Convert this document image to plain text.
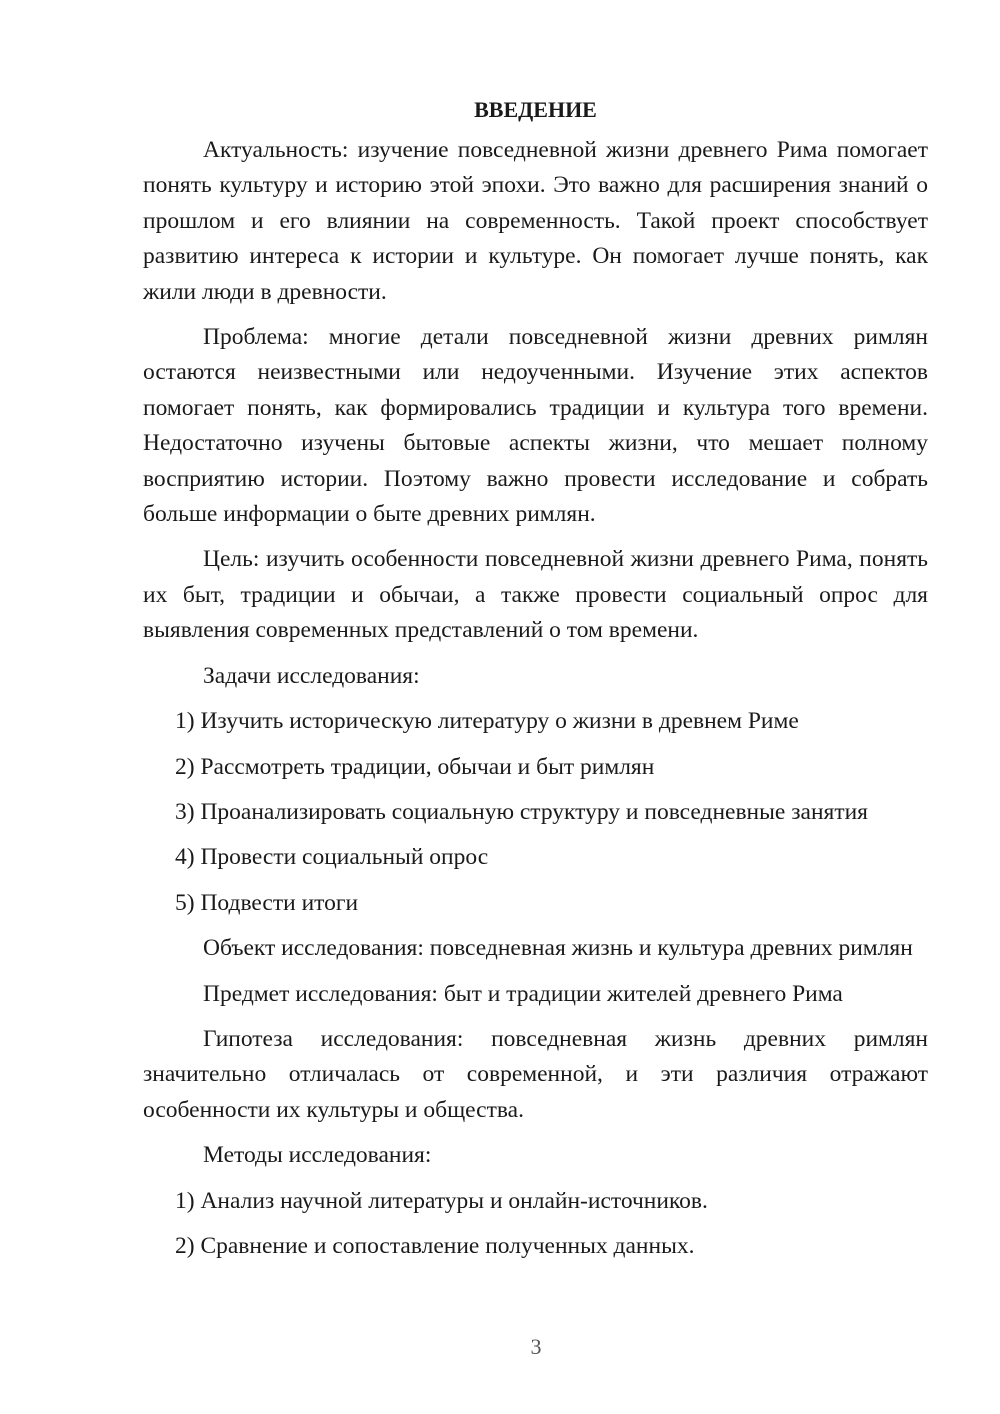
ВВЕДЕНИЕ
Актуальность: изучение повседневной жизни древнего Рима помогает понять культуру и историю этой эпохи. Это важно для расширения знаний о прошлом и его влиянии на современность. Такой проект способствует развитию интереса к истории и культуре. Он помогает лучше понять, как жили люди в древности.
Проблема: многие детали повседневной жизни древних римлян остаются неизвестными или недоученными. Изучение этих аспектов помогает понять, как формировались традиции и культура того времени. Недостаточно изучены бытовые аспекты жизни, что мешает полному восприятию истории. Поэтому важно провести исследование и собрать больше информации о быте древних римлян.
Цель: изучить особенности повседневной жизни древнего Рима, понять их быт, традиции и обычаи, а также провести социальный опрос для выявления современных представлений о том времени.
Задачи исследования:
1) Изучить историческую литературу о жизни в древнем Риме
2) Рассмотреть традиции, обычаи и быт римлян
3) Проанализировать социальную структуру и повседневные занятия
4) Провести социальный опрос
5) Подвести итоги
Объект исследования: повседневная жизнь и культура древних римлян
Предмет исследования: быт и традиции жителей древнего Рима
Гипотеза исследования: повседневная жизнь древних римлян значительно отличалась от современной, и эти различия отражают особенности их культуры и общества.
Методы исследования:
1) Анализ научной литературы и онлайн-источников.
2) Сравнение и сопоставление полученных данных.
3
